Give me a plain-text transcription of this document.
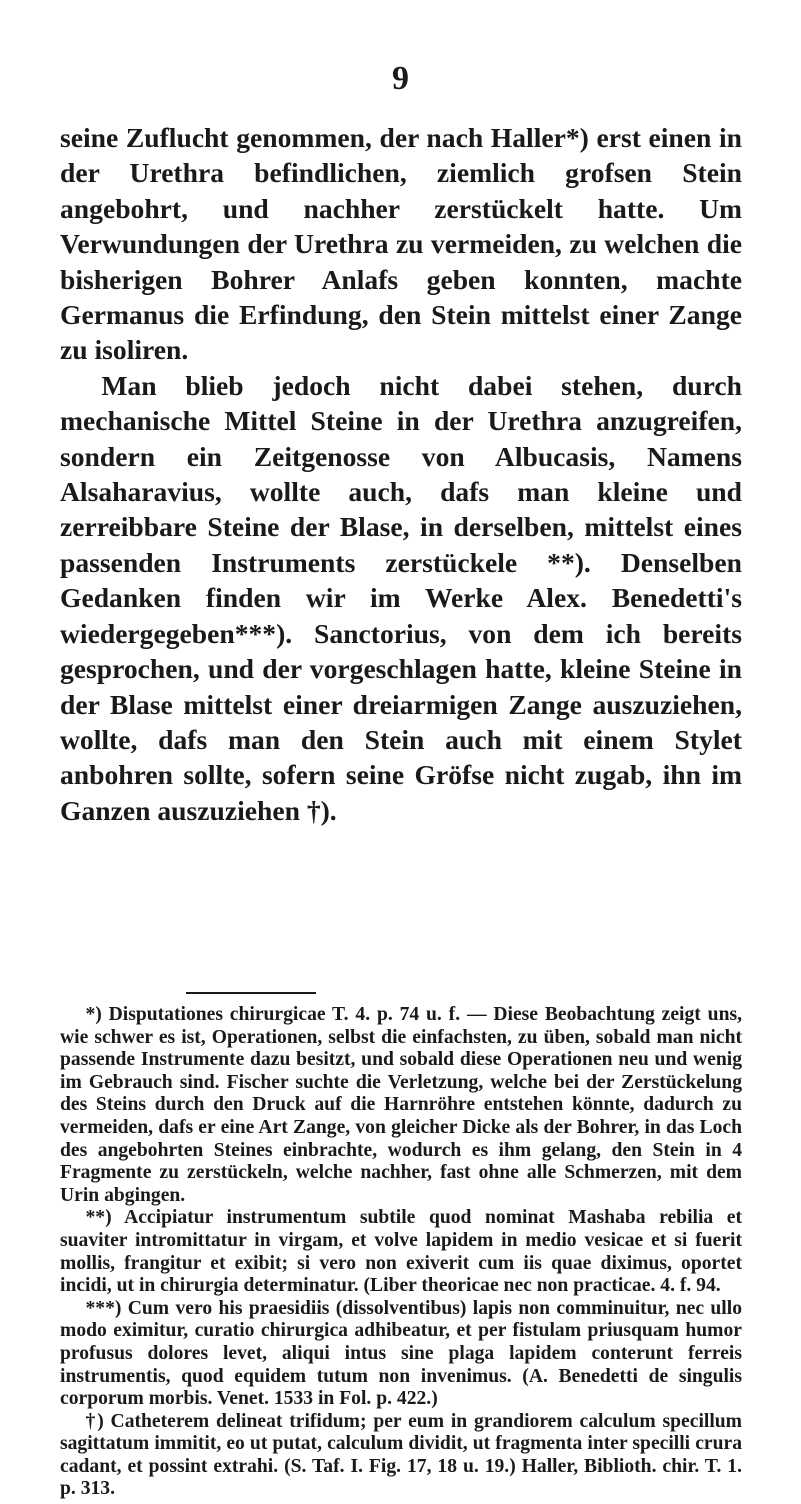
9

seine Zuflucht genommen, der nach Haller*) erst einen in der Urethra befindlichen, ziemlich grofsen Stein angebohrt, und nachher zerstückelt hatte. Um Verwundungen der Urethra zu vermeiden, zu welchen die bisherigen Bohrer Anlafs geben konnten, machte Germanus die Erfindung, den Stein mittelst einer Zange zu isoliren.

Man blieb jedoch nicht dabei stehen, durch mechanische Mittel Steine in der Urethra anzugreifen, sondern ein Zeitgenosse von Albucasis, Namens Alsaharavius, wollte auch, dafs man kleine und zerreibbare Steine der Blase, in derselben, mittelst eines passenden Instruments zerstückele **). Denselben Gedanken finden wir im Werke Alex. Benedetti's wiedergegeben***). Sanctorius, von dem ich bereits gesprochen, und der vorgeschlagen hatte, kleine Steine in der Blase mittelst einer dreiarmigen Zange auszuziehen, wollte, dafs man den Stein auch mit einem Stylet anbohren sollte, sofern seine Gröfse nicht zugab, ihn im Ganzen auszuziehen †).

*) Disputationes chirurgicae T. 4. p. 74 u. f. — Diese Beobachtung zeigt uns, wie schwer es ist, Operationen, selbst die einfachsten, zu üben, sobald man nicht passende Instrumente dazu besitzt, und sobald diese Operationen neu und wenig im Gebrauch sind. Fischer suchte die Verletzung, welche bei der Zerstückelung des Steins durch den Druck auf die Harnröhre entstehen könnte, dadurch zu vermeiden, dafs er eine Art Zange, von gleicher Dicke als der Bohrer, in das Loch des angebohrten Steines einbrachte, wodurch es ihm gelang, den Stein in 4 Fragmente zu zerstückeln, welche nachher, fast ohne alle Schmerzen, mit dem Urin abgingen.

**) Accipiatur instrumentum subtile quod nominat Mashaba rebilia et suaviter intromittatur in virgam, et volve lapidem in medio vesicae et si fuerit mollis, frangitur et exibit; si vero non exiverit cum iis quae diximus, oportet incidi, ut in chirurgia determinatur. (Liber theoricae nec non practicae. 4. f. 94.

***) Cum vero his praesidiis (dissolventibus) lapis non comminuitur, nec ullo modo eximitur, curatio chirurgica adhibeatur, et per fistulam priusquam humor profusus dolores levet, aliqui intus sine plaga lapidem conterunt ferreis instrumentis, quod equidem tutum non invenimus. (A. Benedetti de singulis corporum morbis. Venet. 1533 in Fol. p. 422.)

†) Catheterem delineat trifidum; per eum in grandiorem calculum specillum sagittatum immitit, eo ut putat, calculum dividit, ut fragmenta inter specilli crura cadant, et possint extrahi. (S. Taf. I. Fig. 17, 18 u. 19.) Haller, Biblioth. chir. T. 1. p. 313.
